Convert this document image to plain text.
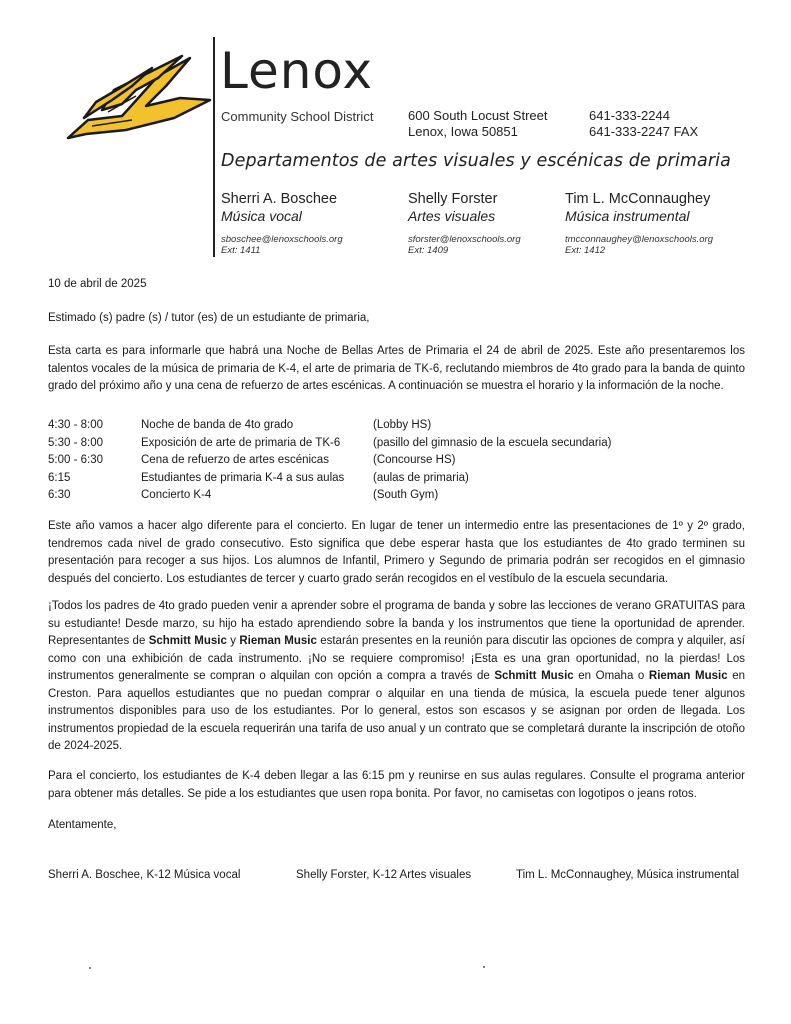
Lenox
Community School District	600 South Locust Street
Lenox, Iowa 50851
641-333-2244
641-333-2247 FAX
Departamentos de artes visuales y escénicas de primaria
Sherri A. Boschee
Música vocal
sboschee@lenoxschools.org
Ext: 1411
Shelly Forster
Artes visuales
sforster@lenoxschools.org
Ext: 1409
Tim L. McConnaughey
Música instrumental
tmcconnaughey@lenoxschools.org
Ext: 1412
10 de abril de 2025
Estimado (s) padre (s) / tutor (es) de un estudiante de primaria,
Esta carta es para informarle que habrá una Noche de Bellas Artes de Primaria el 24 de abril de 2025. Este año presentaremos los talentos vocales de la música de primaria de K-4, el arte de primaria de TK-6, reclutando miembros de 4to grado para la banda de quinto grado del próximo año y una cena de refuerzo de artes escénicas. A continuación se muestra el horario y la información de la noche.
4:30 - 8:00	Noche de banda de 4to grado	(Lobby HS)
5:30 - 8:00	Exposición de arte de primaria de TK-6	(pasillo del gimnasio de la escuela secundaria)
5:00 - 6:30	Cena de refuerzo de artes escénicas	(Concourse HS)
6:15	Estudiantes de primaria K-4 a sus aulas (aulas de primaria)
6:30	Concierto K-4	(South Gym)
Este año vamos a hacer algo diferente para el concierto. En lugar de tener un intermedio entre las presentaciones de 1º y 2º grado, tendremos cada nivel de grado consecutivo. Esto significa que debe esperar hasta que los estudiantes de 4to grado terminen su presentación para recoger a sus hijos. Los alumnos de Infantil, Primero y Segundo de primaria podrán ser recogidos en el gimnasio después del concierto. Los estudiantes de tercer y cuarto grado serán recogidos en el vestíbulo de la escuela secundaria.
¡Todos los padres de 4to grado pueden venir a aprender sobre el programa de banda y sobre las lecciones de verano GRATUITAS para su estudiante! Desde marzo, su hijo ha estado aprendiendo sobre la banda y los instrumentos que tiene la oportunidad de aprender. Representantes de Schmitt Music y Rieman Music estarán presentes en la reunión para discutir las opciones de compra y alquiler, así como con una exhibición de cada instrumento. ¡No se requiere compromiso! ¡Esta es una gran oportunidad, no la pierdas! Los instrumentos generalmente se compran o alquilan con opción a compra a través de Schmitt Music en Omaha o Rieman Music en Creston. Para aquellos estudiantes que no puedan comprar o alquilar en una tienda de música, la escuela puede tener algunos instrumentos disponibles para uso de los estudiantes. Por lo general, estos son escasos y se asignan por orden de llegada. Los instrumentos propiedad de la escuela requerirán una tarifa de uso anual y un contrato que se completará durante la inscripción de otoño de 2024-2025.
Para el concierto, los estudiantes de K-4 deben llegar a las 6:15 pm y reunirse en sus aulas regulares. Consulte el programa anterior para obtener más detalles. Se pide a los estudiantes que usen ropa bonita. Por favor, no camisetas con logotipos o jeans rotos.
Atentamente,
Sherri A. Boschee, K-12 Música vocal	Shelly Forster, K-12 Artes visuales	Tim L. McConnaughey, Música instrumental
